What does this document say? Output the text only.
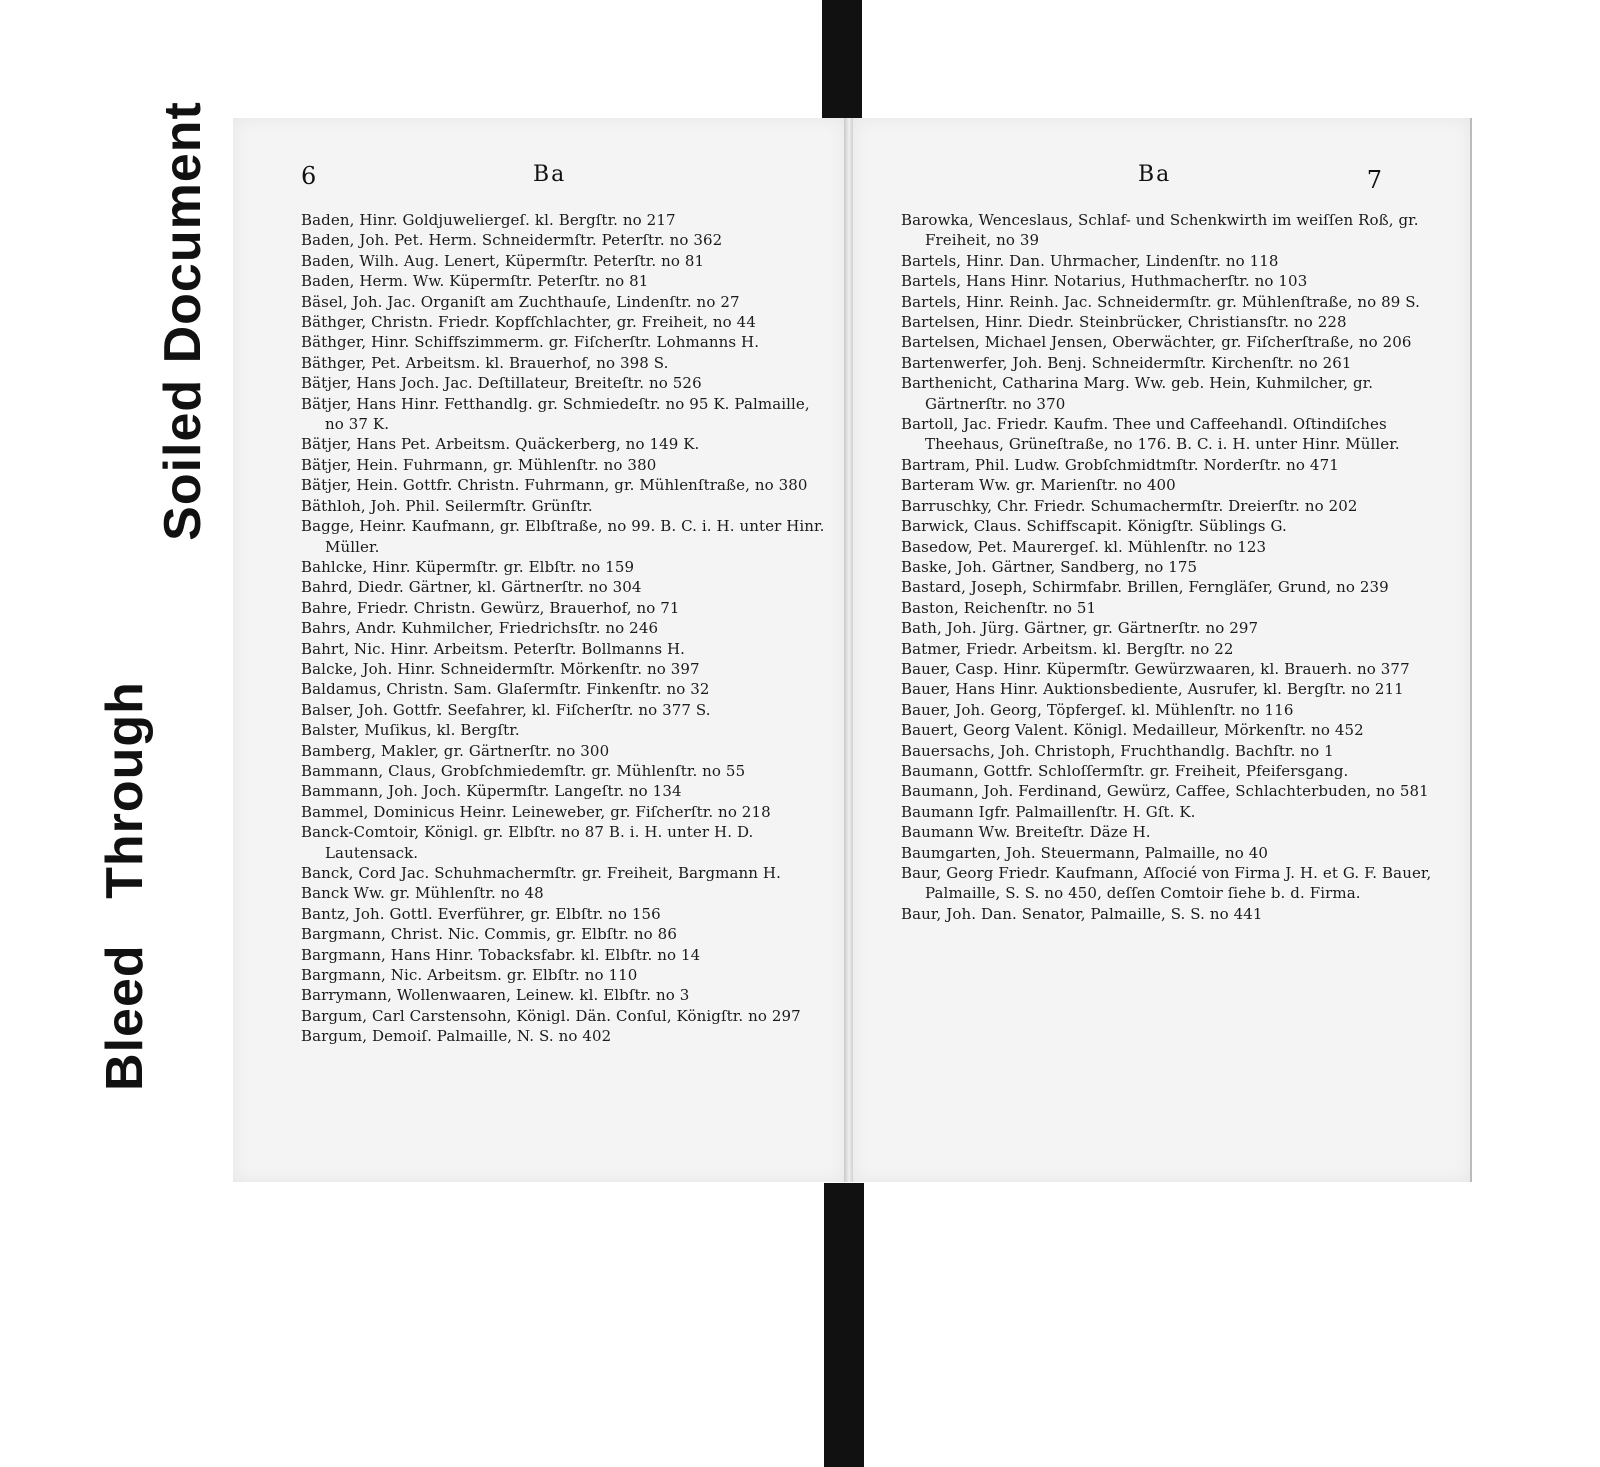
Bleed Through
Soiled Document	6	Ba
Baden, Hinr. Goldjuweliergeſ. kl. Bergſtr. no 217
Baden, Joh. Pet. Herm. Schneidermſtr. Peterſtr. no 362
Baden, Wilh. Aug. Lenert, Küpermſtr. Peterſtr. no 81
Baden, Herm. Ww. Küpermſtr. Peterſtr. no 81
Bäsel, Joh. Jac. Organiſt am Zuchthauſe, Lindenſtr. no 27
Bäthger, Christn. Friedr. Kopfſchlachter, gr. Freiheit, no 44
Bäthger, Hinr. Schiffszimmerm. gr. Fiſcherſtr. Lohmanns H.
Bäthger, Pet. Arbeitsm. kl. Brauerhof, no 398 S.
Bätjer, Hans Joch. Jac. Deſtillateur, Breiteſtr. no 526
Bätjer, Hans Hinr. Fetthandlg. gr. Schmiedeſtr. no 95 K. Palmaille, no 37 K.
Bätjer, Hans Pet. Arbeitsm. Quäckerberg, no 149 K.
Bätjer, Hein. Fuhrmann, gr. Mühlenſtr. no 380
Bätjer, Hein. Gottfr. Christn. Fuhrmann, gr. Mühlenſtraße, no 380
Bäthloh, Joh. Phil. Seilermſtr. Grünſtr.
Bagge, Heinr. Kaufmann, gr. Elbſtraße, no 99. B. C. i. H. unter Hinr. Müller.
Bahlcke, Hinr. Küpermſtr. gr. Elbſtr. no 159
Bahrd, Diedr. Gärtner, kl. Gärtnerſtr. no 304
Bahre, Friedr. Christn. Gewürz, Brauerhof, no 71
Bahrs, Andr. Kuhmilcher, Friedrichsſtr. no 246
Bahrt, Nic. Hinr. Arbeitsm. Peterſtr. Bollmanns H.
Balcke, Joh. Hinr. Schneidermſtr. Mörkenſtr. no 397
Baldamus, Christn. Sam. Glaſermſtr. Finkenſtr. no 32
Balser, Joh. Gottfr. Seefahrer, kl. Fiſcherſtr. no 377 S.
Balster, Muſikus, kl. Bergſtr.
Bamberg, Makler, gr. Gärtnerſtr. no 300
Bammann, Claus, Grobſchmiedemſtr. gr. Mühlenſtr. no 55
Bammann, Joh. Joch. Küpermſtr. Langeſtr. no 134
Bammel, Dominicus Heinr. Leineweber, gr. Fiſcherſtr. no 218
Banck-Comtoir, Königl. gr. Elbſtr. no 87 B. i. H. unter H. D. Lautensack.
Banck, Cord Jac. Schuhmachermſtr. gr. Freiheit, Bargmann H.
Banck Ww. gr. Mühlenſtr. no 48
Bantz, Joh. Gottl. Everführer, gr. Elbſtr. no 156
Bargmann, Christ. Nic. Commis, gr. Elbſtr. no 86
Bargmann, Hans Hinr. Tobacksfabr. kl. Elbſtr. no 14
Bargmann, Nic. Arbeitsm. gr. Elbſtr. no 110
Barrymann, Wollenwaaren, Leinew. kl. Elbſtr. no 3
Bargum, Carl Carstensohn, Königl. Dän. Conſul, Königſtr. no 297
Bargum, Demoiſ. Palmaille, N. S. no 402
Ba	7
Barowka, Wenceslaus, Schlaf- und Schenkwirth im weiſſen Roß, gr. Freiheit, no 39
Bartels, Hinr. Dan. Uhrmacher, Lindenſtr. no 118
Bartels, Hans Hinr. Notarius, Huthmacherſtr. no 103
Bartels, Hinr. Reinh. Jac. Schneidermſtr. gr. Mühlenſtraße, no 89 S.
Bartelsen, Hinr. Diedr. Steinbrücker, Christiansſtr. no 228
Bartelsen, Michael Jensen, Oberwächter, gr. Fiſcherſtraße, no 206
Bartenwerfer, Joh. Benj. Schneidermſtr. Kirchenſtr. no 261
Barthenicht, Catharina Marg. Ww. geb. Hein, Kuhmilcher, gr. Gärtnerſtr. no 370
Bartoll, Jac. Friedr. Kaufm. Thee und Caffeehandl. Oſtindiſches Theehaus, Grüneſtraße, no 176. B. C. i. H. unter Hinr. Müller.
Bartram, Phil. Ludw. Grobſchmidtmſtr. Norderſtr. no 471
Barteram Ww. gr. Marienſtr. no 400
Barruschky, Chr. Friedr. Schumachermſtr. Dreierſtr. no 202
Barwick, Claus. Schiffscapit. Königſtr. Süblings G.
Basedow, Pet. Maurergeſ. kl. Mühlenſtr. no 123
Baske, Joh. Gärtner, Sandberg, no 175
Bastard, Joseph, Schirmfabr. Brillen, Ferngläſer, Grund, no 239
Baston, Reichenſtr. no 51
Bath, Joh. Jürg. Gärtner, gr. Gärtnerſtr. no 297
Batmer, Friedr. Arbeitsm. kl. Bergſtr. no 22
Bauer, Casp. Hinr. Küpermſtr. Gewürzwaaren, kl. Brauerh. no 377
Bauer, Hans Hinr. Auktionsbediente, Ausrufer, kl. Bergſtr. no 211
Bauer, Joh. Georg, Töpfergeſ. kl. Mühlenſtr. no 116
Bauert, Georg Valent. Königl. Medailleur, Mörkenſtr. no 452
Bauersachs, Joh. Christoph, Fruchthandlg. Bachſtr. no 1
Baumann, Gottfr. Schloſſermſtr. gr. Freiheit, Pfeifersgang.
Baumann, Joh. Ferdinand, Gewürz, Caffee, Schlachterbuden, no 581
Baumann Igfr. Palmaillenſtr. H. Gſt. K.
Baumann Ww. Breiteſtr. Däze H.
Baumgarten, Joh. Steuermann, Palmaille, no 40
Baur, Georg Friedr. Kaufmann, Aſſocié von Firma J. H. et G. F. Bauer, Palmaille, S. S. no 450, deſſen Comtoir ſiehe b. d. Firma.
Baur, Joh. Dan. Senator, Palmaille, S. S. no 441
